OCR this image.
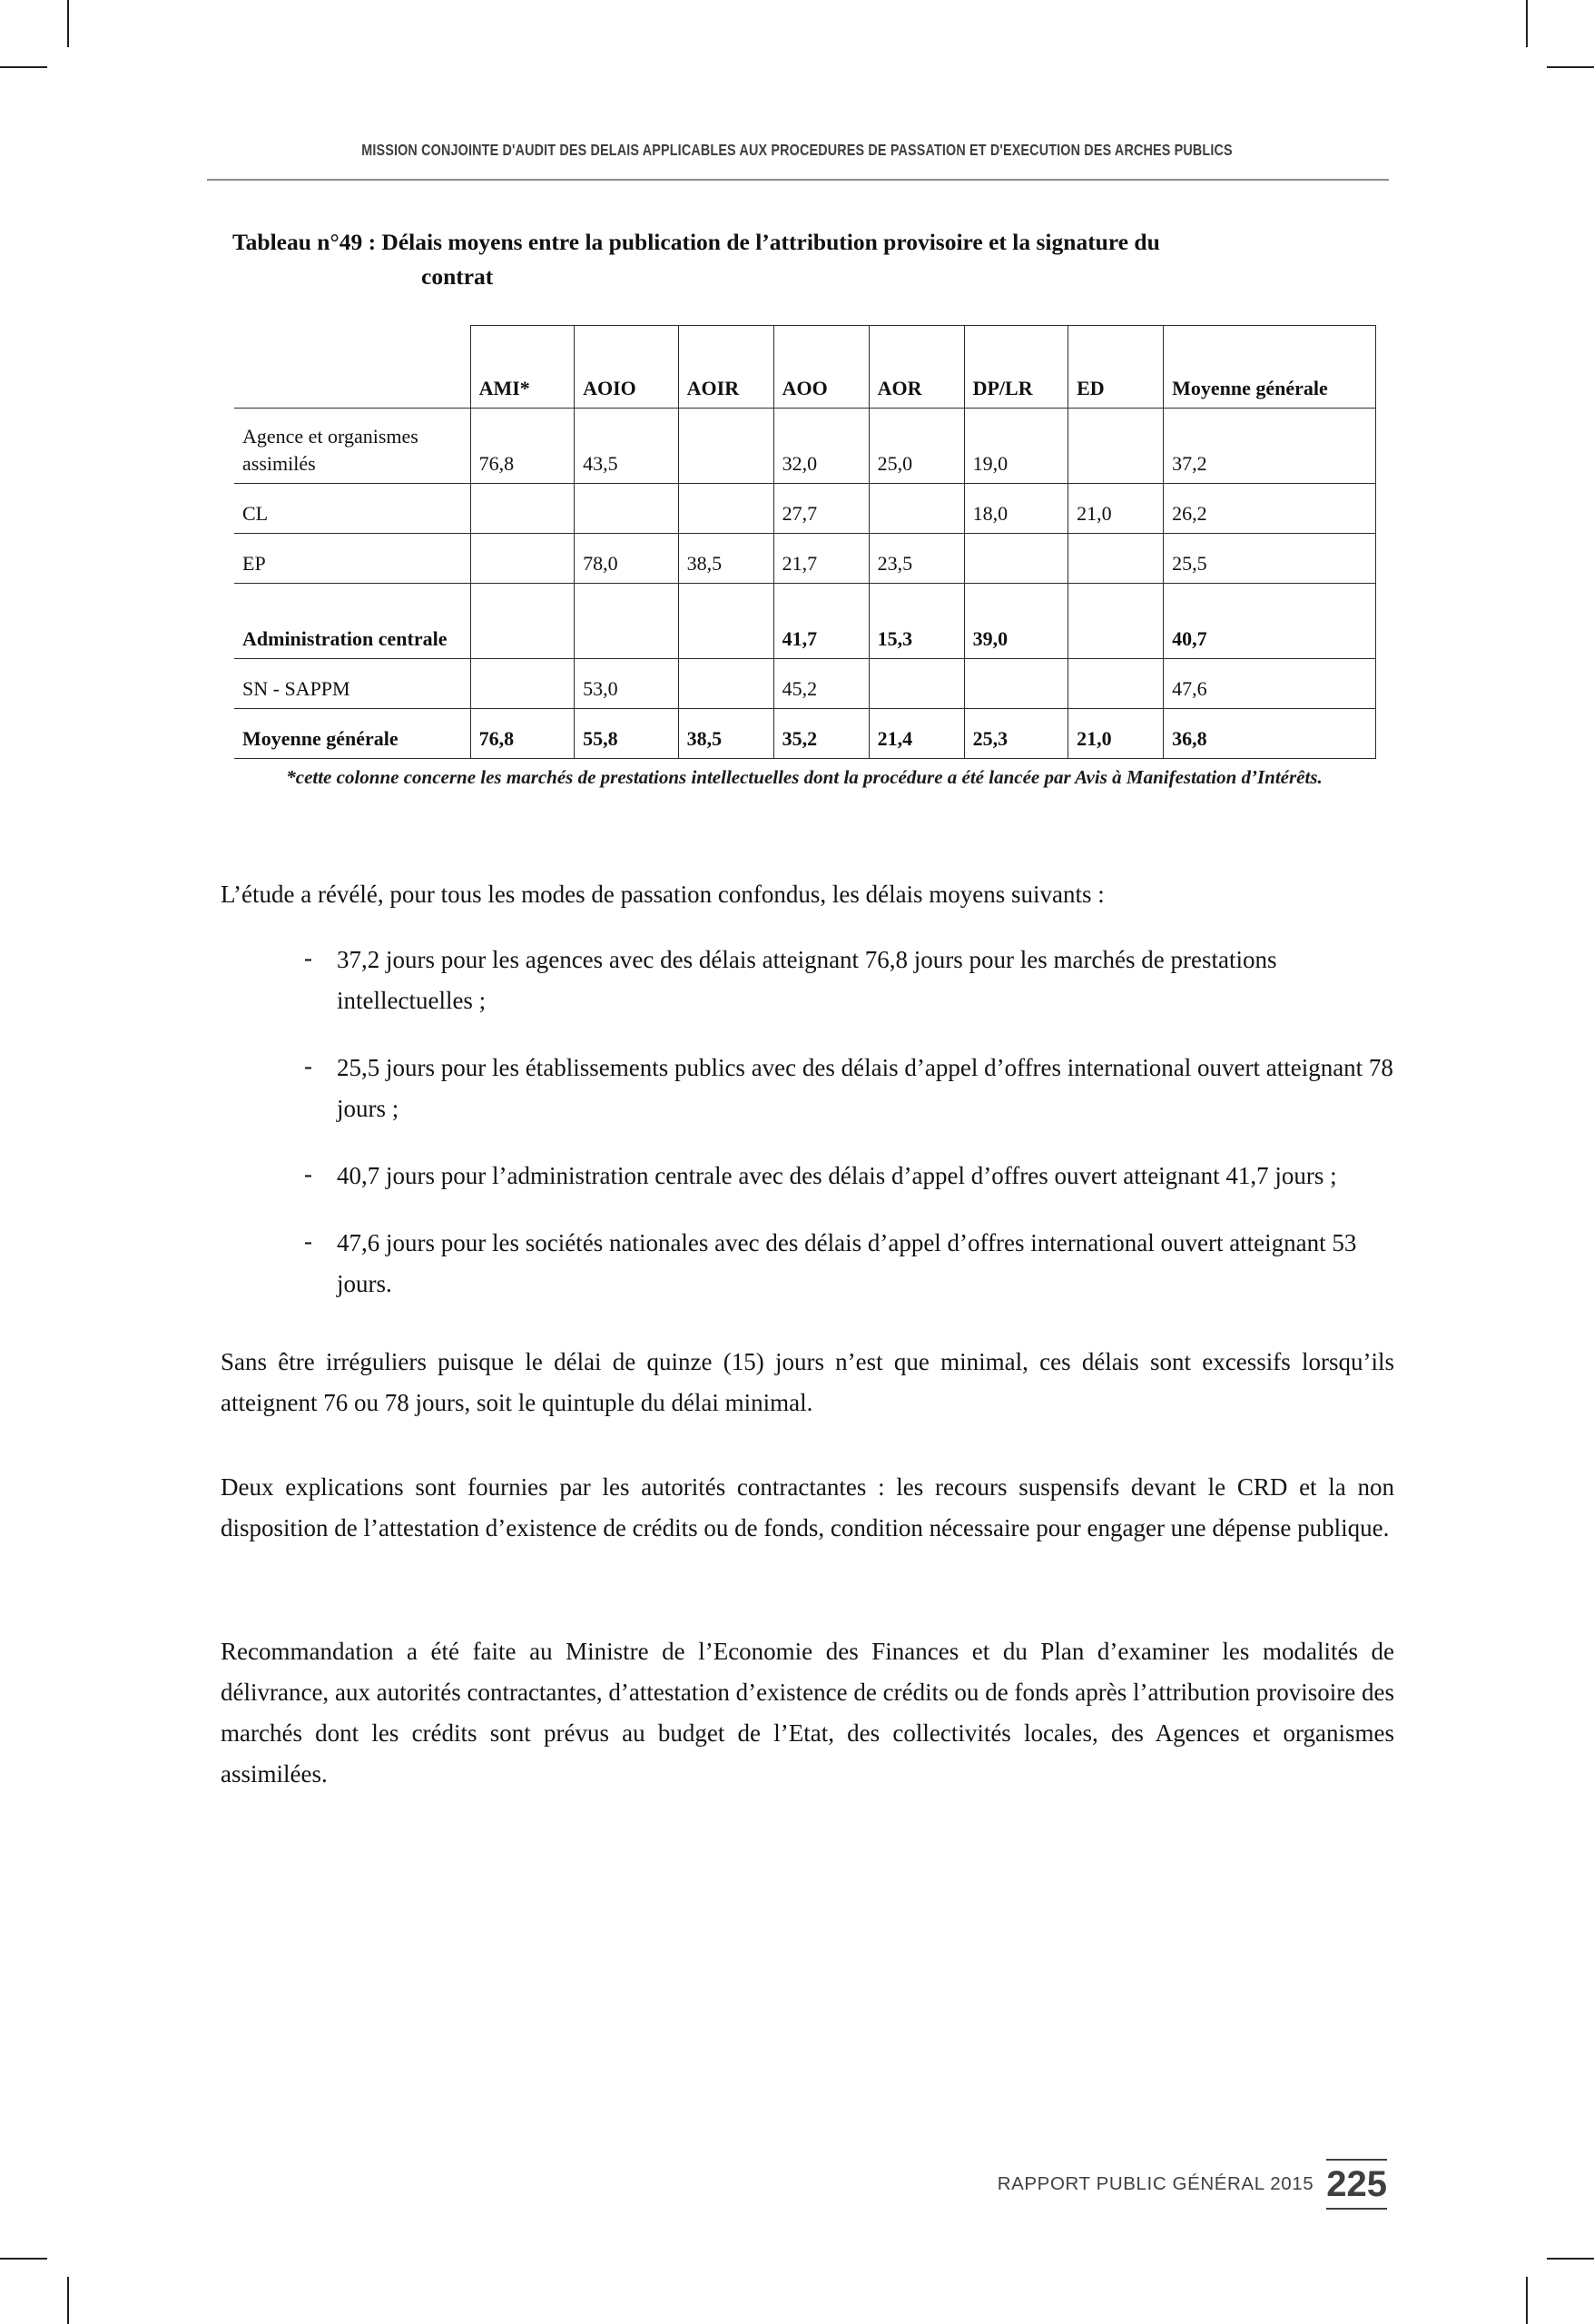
MISSION CONJOINTE D'AUDIT DES DELAIS APPLICABLES AUX PROCEDURES DE PASSATION ET D'EXECUTION DES ARCHES PUBLICS
Tableau n°49 : Délais moyens entre la publication de l’attribution provisoire et la signature du
contrat
	AMI*	AOIO	AOIR	AOO	AOR	DP/LR	ED	Moyenne générale
Agence et organismes assimilés	76,8	43,5		32,0	25,0	19,0		37,2
CL				27,7		18,0	21,0	26,2
EP		78,0	38,5	21,7	23,5			25,5
Administration centrale				41,7	15,3	39,0		40,7
SN - SAPPM		53,0		45,2				47,6
Moyenne générale	76,8	55,8	38,5	35,2	21,4	25,3	21,0	36,8
*cette colonne concerne les marchés de prestations intellectuelles dont la procédure a été lancée par Avis à Manifestation d’Intérêts.

L’étude a révélé, pour tous les modes de passation confondus, les délais moyens suivants :

- 37,2 jours pour les agences avec des délais atteignant 76,8 jours pour les marchés de prestations intellectuelles ;
- 25,5 jours pour les établissements publics avec des délais d’appel d’offres international ouvert atteignant 78 jours ;
- 40,7 jours pour l’administration centrale avec des délais d’appel d’offres ouvert atteignant 41,7 jours ;
- 47,6 jours pour les sociétés nationales avec des délais d’appel d’offres international ouvert atteignant 53 jours.

Sans être irréguliers puisque le délai de quinze (15) jours n’est que minimal, ces délais sont excessifs lorsqu’ils atteignent 76 ou 78 jours, soit le quintuple du délai minimal.

Deux explications sont fournies par les autorités contractantes : les recours suspensifs devant le CRD et la non disposition de l’attestation d’existence de crédits ou de fonds, condition nécessaire pour engager une dépense publique.

Recommandation a été faite au Ministre de l’Economie des Finances et du Plan d’examiner les modalités de délivrance, aux autorités contractantes, d’attestation d’existence de crédits ou de fonds après l’attribution provisoire des marchés dont les crédits sont prévus au budget de l’Etat, des collectivités locales, des Agences et organismes assimilées.

RAPPORT PUBLIC GÉNÉRAL 2015 225
